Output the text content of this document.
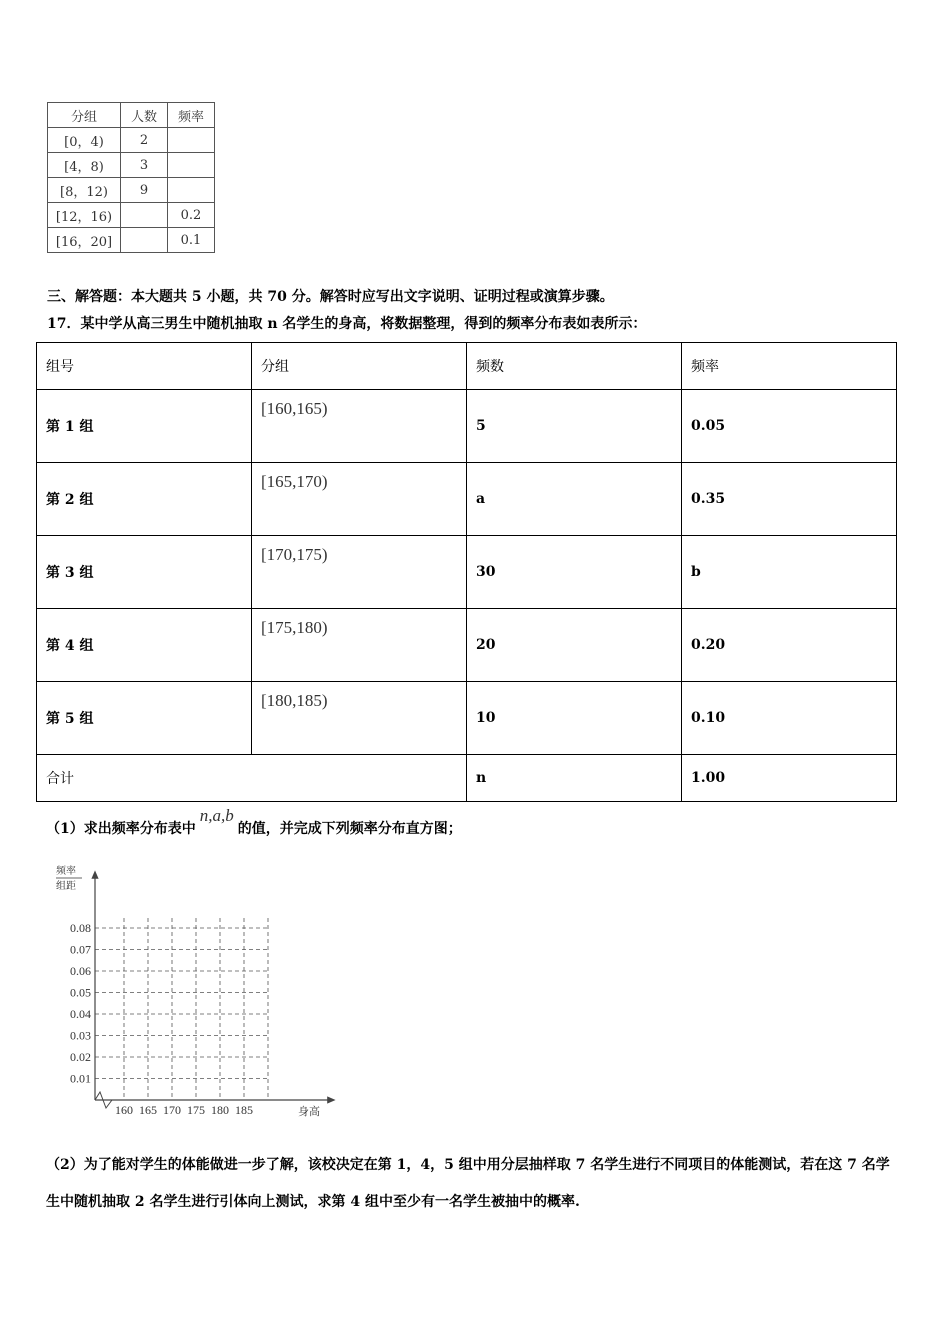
分组	人数	频率
[0，4)	2	
[4，8)	3	
[8，12)	9	
[12，16)		0.2
[16，20]		0.1
三、解答题：本大题共 5 小题，共 70 分。解答时应写出文字说明、证明过程或演算步骤。
17．某中学从高三男生中随机抽取 n 名学生的身高，将数据整理，得到的频率分布表如表所示：
组号	分组	频数	频率
第 1 组	[160,165)	5	0.05
第 2 组	[165,170)	a	0.35
第 3 组	[170,175)	30	b
第 4 组	[175,180)	20	0.20
第 5 组	[180,185)	10	0.10
合计		n	1.00
（1）求出频率分布表中n,a,b的值，并完成下列频率分布直方图；
0.01
0.02
0.03
0.04
0.05
0.06
0.07
0.08
160 165 170 175 180 185
频率
组距
身高
（2）为了能对学生的体能做进一步了解，该校决定在第 1，4，5 组中用分层抽样取 7 名学生进行不同项目的体能测试，若在这 7 名学生中随机抽取 2 名学生进行引体向上测试，求第 4 组中至少有一名学生被抽中的概率.
